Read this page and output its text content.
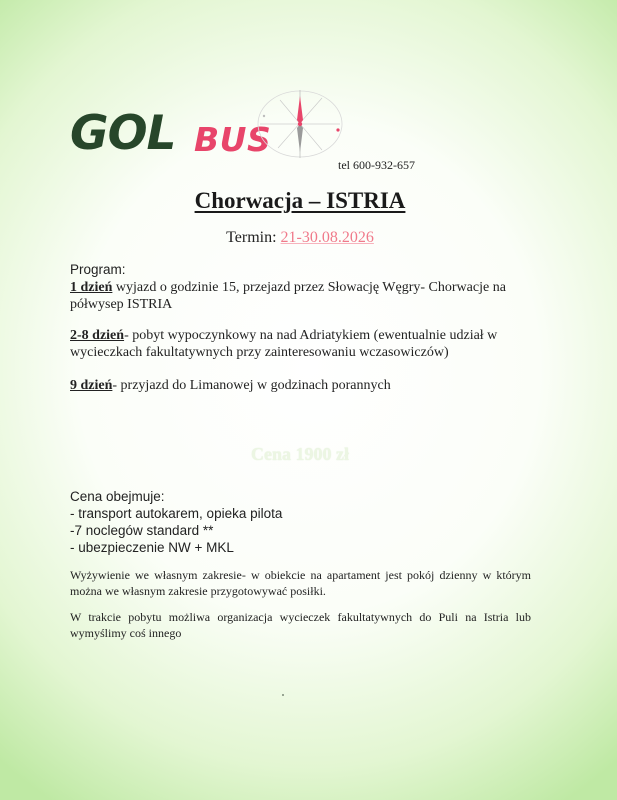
GOL BUS
tel 600-932-657
Chorwacja – ISTRIA
Termin: 21-30.08.2026
Program:
1 dzień wyjazd o godzinie 15, przejazd przez Słowację Węgry- Chorwacje na półwysep ISTRIA
2-8 dzień- pobyt wypoczynkowy na nad Adriatykiem (ewentualnie udział w wycieczkach fakultatywnych przy zainteresowaniu wczasowiczów)
9 dzień- przyjazd do Limanowej w godzinach porannych
Cena 1900 zł
Cena obejmuje:
- transport autokarem, opieka pilota
-7 noclegów standard **
- ubezpieczenie NW + MKL
Wyżywienie we własnym zakresie- w obiekcie na apartament jest pokój dzienny w którym można we własnym zakresie przygotowywać posiłki.
W trakcie pobytu możliwa organizacja wycieczek fakultatywnych do Puli na Istria lub wymyślimy coś innego
